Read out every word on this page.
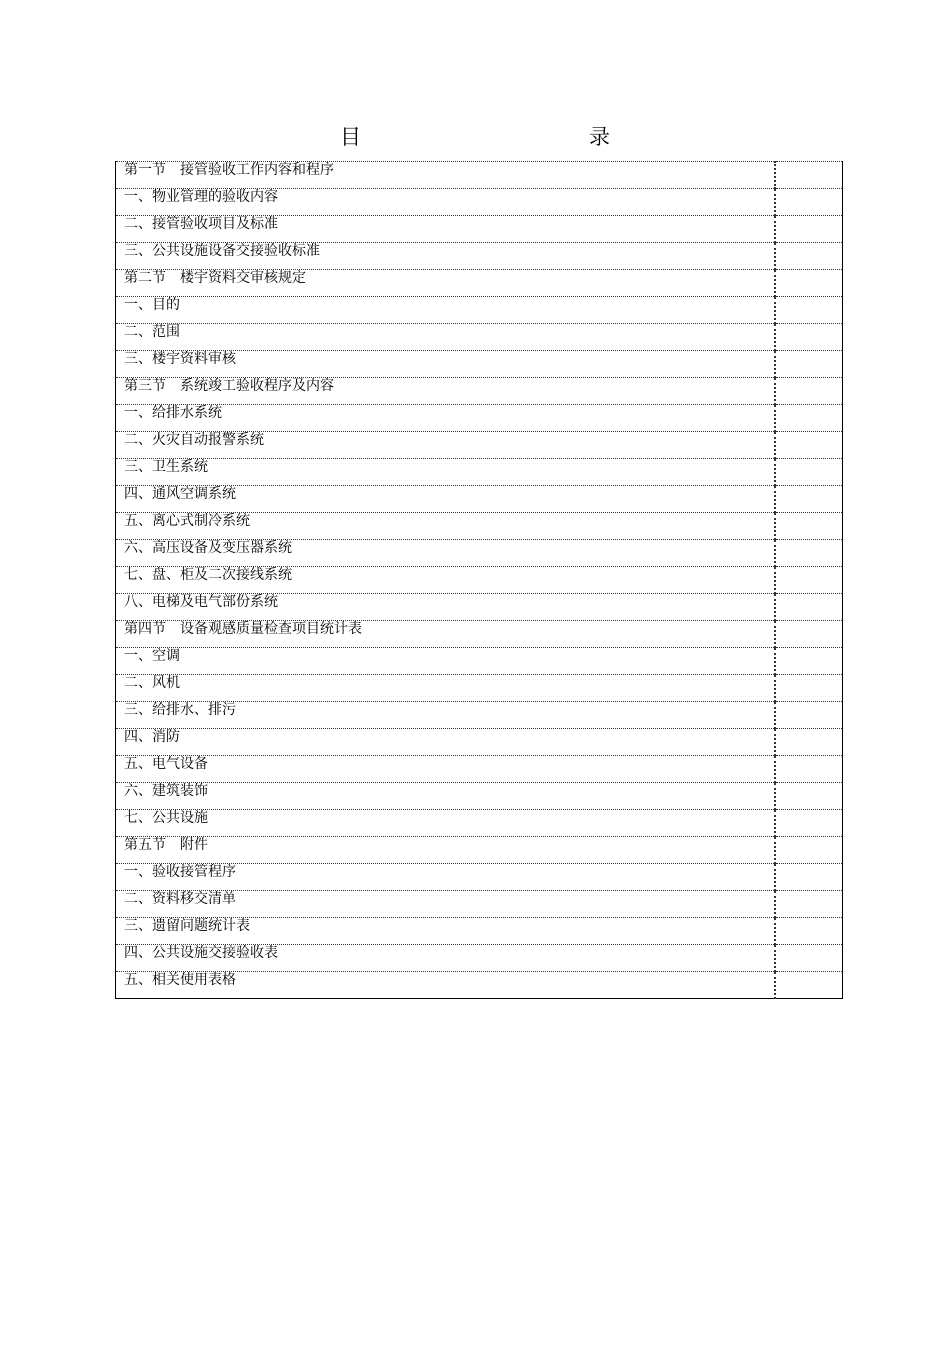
目　　录
第一节　接管验收工作内容和程序	
一、物业管理的验收内容	
二、接管验收项目及标准	
三、公共设施设备交接验收标准	
第二节　楼宇资料交审核规定	
一、目的	
二、范围	
三、楼宇资料审核	
第三节　系统竣工验收程序及内容	
一、给排水系统	
二、火灾自动报警系统	
三、卫生系统	
四、通风空调系统	
五、离心式制冷系统	
六、高压设备及变压器系统	
七、盘、柜及二次接线系统	
八、电梯及电气部份系统	
第四节　设备观感质量检查项目统计表	
一、空调	
二、风机	
三、给排水、排污	
四、消防	
五、电气设备	
六、建筑装饰	
七、公共设施	
第五节　附件	
一、验收接管程序	
二、资料移交清单	
三、遗留问题统计表	
四、公共设施交接验收表	
五、相关使用表格	
